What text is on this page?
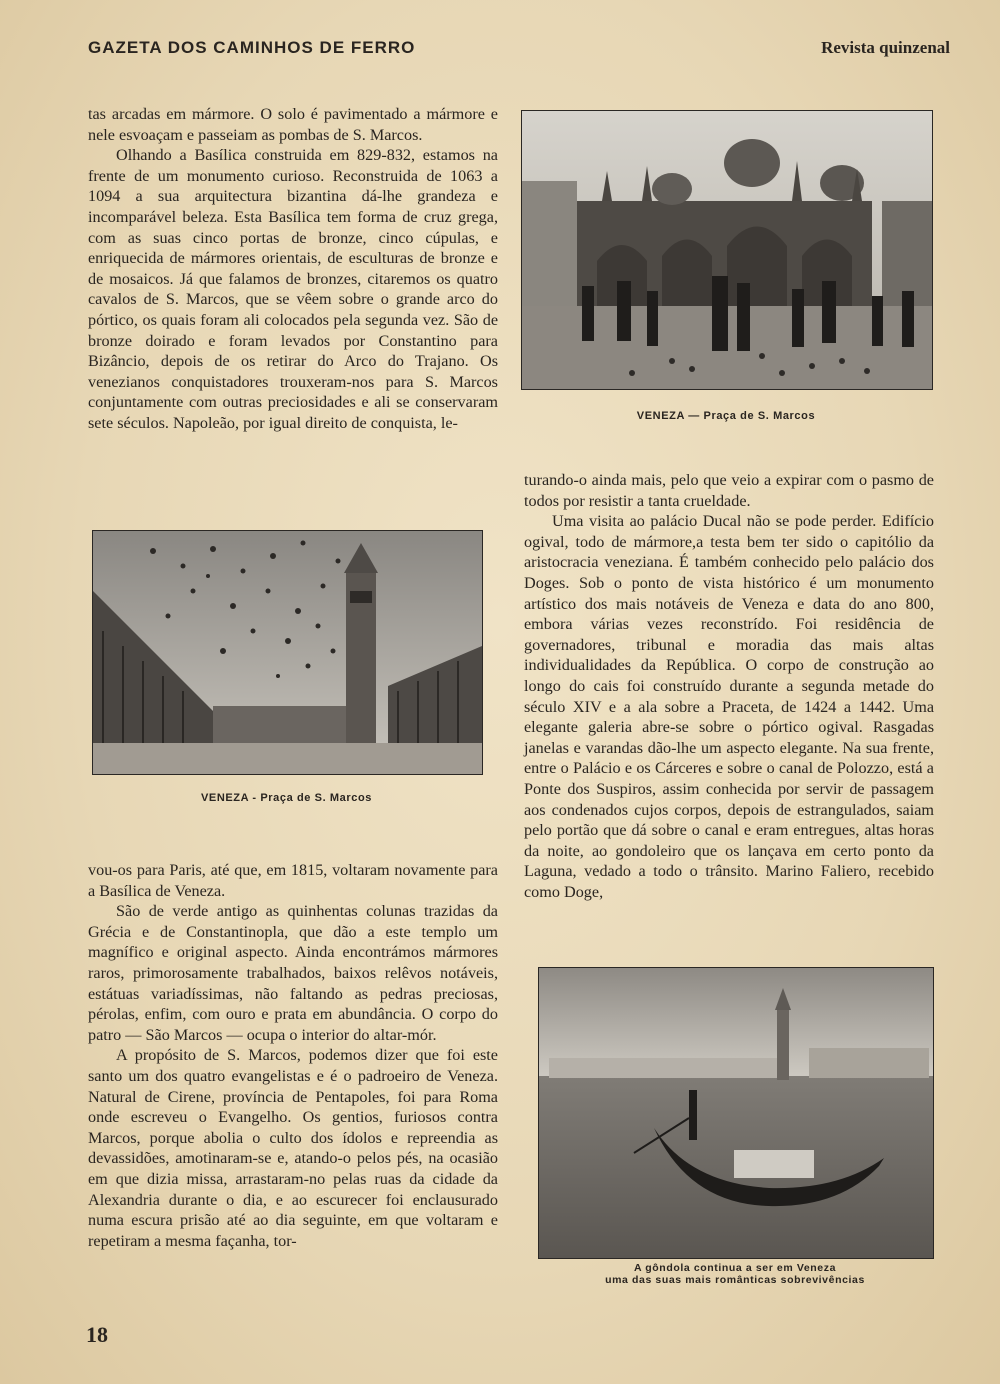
GAZETA DOS CAMINHOS DE FERRO	Revista quinzenal

tas arcadas em mármore. O solo é pavimentado a mármore e nele esvoaçam e passeiam as pombas de S. Marcos.

Olhando a Basílica construida em 829-832, estamos na frente de um monumento curioso. Reconstruida de 1063 a 1094 a sua arquitectura bizantina dá-lhe grandeza e incomparável beleza. Esta Basílica tem forma de cruz grega, com as suas cinco portas de bronze, cinco cúpulas, e enriquecida de mármores orientais, de esculturas de bronze e de mosaicos. Já que falamos de bronzes, citaremos os quatro cavalos de S. Marcos, que se vêem sobre o grande arco do pórtico, os quais foram ali colocados pela segunda vez. São de bronze doirado e foram levados por Constantino para Bizâncio, depois de os retirar do Arco do Trajano. Os venezianos conquistadores trouxeram-nos para S. Marcos conjuntamente com outras preciosidades e ali se conservaram sete séculos. Napoleão, por igual direito de conquista, le-

VENEZA - Praça de S. Marcos

vou-os para Paris, até que, em 1815, voltaram novamente para a Basílica de Veneza.

São de verde antigo as quinhentas colunas trazidas da Grécia e de Constantinopla, que dão a este templo um magnífico e original aspecto. Ainda encontrámos mármores raros, primorosamente trabalhados, baixos relêvos notáveis, estátuas variadíssimas, não faltando as pedras preciosas, pérolas, enfim, com ouro e prata em abundância. O corpo do patro — São Marcos — ocupa o interior do altar-mór.

A propósito de S. Marcos, podemos dizer que foi este santo um dos quatro evangelistas e é o padroeiro de Veneza. Natural de Cirene, província de Pentapoles, foi para Roma onde escreveu o Evangelho. Os gentios, furiosos contra Marcos, porque abolia o culto dos ídolos e repreendia as devassidões, amotinaram-se e, atando-o pelos pés, na ocasião em que dizia missa, arrastaram-no pelas ruas da cidade da Alexandria durante o dia, e ao escurecer foi enclausurado numa escura prisão até ao dia seguinte, em que voltaram e repetiram a mesma façanha, tor-

VENEZA — Praça de S. Marcos

turando-o ainda mais, pelo que veio a expirar com o pasmo de todos por resistir a tanta crueldade.

Uma visita ao palácio Ducal não se pode perder. Edifício ogival, todo de mármore,a testa bem ter sido o capitólio da aristocracia veneziana. É também conhecido pelo palácio dos Doges. Sob o ponto de vista histórico é um monumento artístico dos mais notáveis de Veneza e data do ano 800, embora várias vezes reconstrído. Foi residência de governadores, tribunal e moradia das mais altas individualidades da República. O corpo de construção ao longo do cais foi construído durante a segunda metade do século XIV e a ala sobre a Praceta, de 1424 a 1442. Uma elegante galeria abre-se sobre o pórtico ogival. Rasgadas janelas e varandas dão-lhe um aspecto elegante. Na sua frente, entre o Palácio e os Cárceres e sobre o canal de Polozzo, está a Ponte dos Suspiros, assim conhecida por servir de passagem aos condenados cujos corpos, depois de estrangulados, saiam pelo portão que dá sobre o canal e eram entregues, altas horas da noite, ao gondoleiro que os lançava em certo ponto da Laguna, vedado a todo o trânsito. Marino Faliero, recebido como Doge,

A gôndola continua a ser em Veneza
uma das suas mais românticas sobrevivências
18
